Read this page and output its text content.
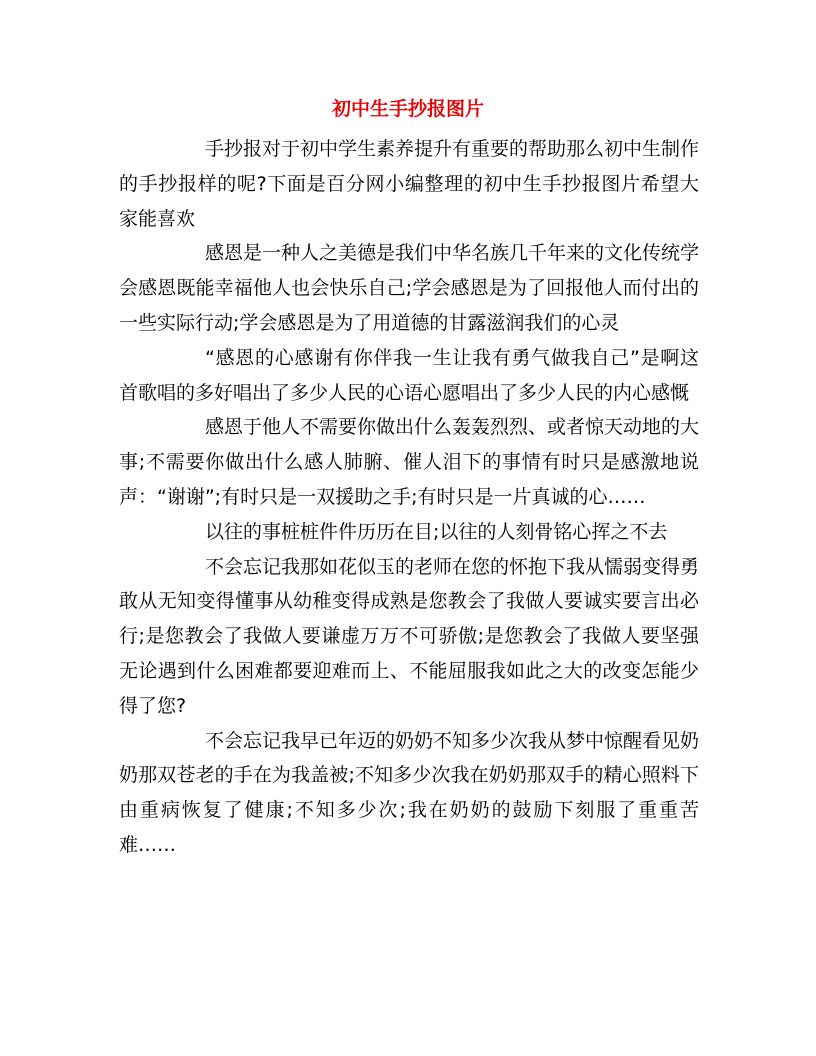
初中生手抄报图片

手抄报对于初中学生素养提升有重要的帮助那么初中生制作的手抄报样的呢?下面是百分网小编整理的初中生手抄报图片希望大家能喜欢

感恩是一种人之美德是我们中华名族几千年来的文化传统学会感恩既能幸福他人也会快乐自己;学会感恩是为了回报他人而付出的一些实际行动;学会感恩是为了用道德的甘露滋润我们的心灵

“感恩的心感谢有你伴我一生让我有勇气做我自己”是啊这首歌唱的多好唱出了多少人民的心语心愿唱出了多少人民的内心感慨

感恩于他人不需要你做出什么轰轰烈烈、或者惊天动地的大事;不需要你做出什么感人肺腑、催人泪下的事情有时只是感激地说声：“谢谢”;有时只是一双援助之手;有时只是一片真诚的心……

以往的事桩桩件件历历在目;以往的人刻骨铭心挥之不去

不会忘记我那如花似玉的老师在您的怀抱下我从懦弱变得勇敢从无知变得懂事从幼稚变得成熟是您教会了我做人要诚实要言出必行;是您教会了我做人要谦虚万万不可骄傲;是您教会了我做人要坚强无论遇到什么困难都要迎难而上、不能屈服我如此之大的改变怎能少得了您?

不会忘记我早已年迈的奶奶不知多少次我从梦中惊醒看见奶奶那双苍老的手在为我盖被;不知多少次我在奶奶那双手的精心照料下由重病恢复了健康;不知多少次;我在奶奶的鼓励下刻服了重重苦难……
